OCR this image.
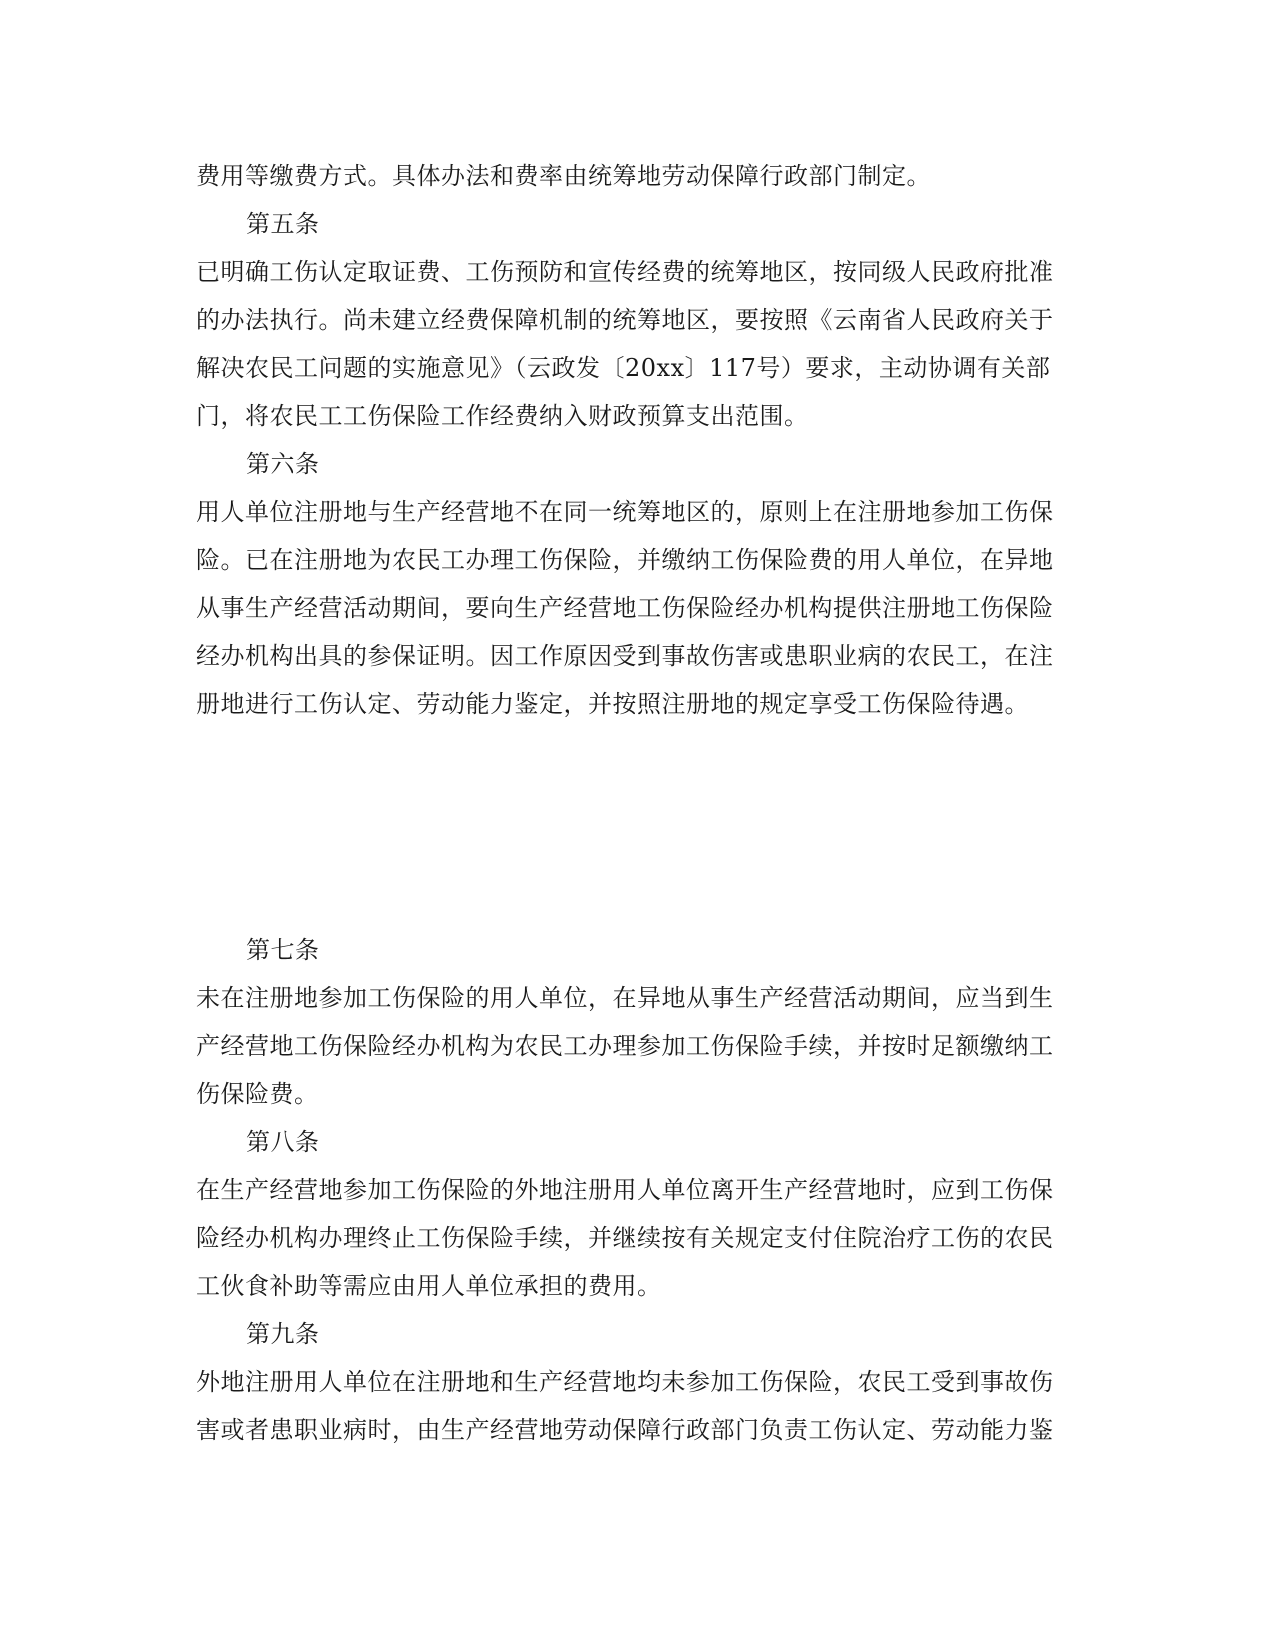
费用等缴费方式。具体办法和费率由统筹地劳动保障行政部门制定。
第五条
已明确工伤认定取证费、工伤预防和宣传经费的统筹地区，按同级人民政府批准
的办法执行。尚未建立经费保障机制的统筹地区，要按照《云南省人民政府关于
解决农民工问题的实施意见》（云政发〔20xx〕117号）要求，主动协调有关部
门，将农民工工伤保险工作经费纳入财政预算支出范围。
第六条
用人单位注册地与生产经营地不在同一统筹地区的，原则上在注册地参加工伤保
险。已在注册地为农民工办理工伤保险，并缴纳工伤保险费的用人单位，在异地
从事生产经营活动期间，要向生产经营地工伤保险经办机构提供注册地工伤保险
经办机构出具的参保证明。因工作原因受到事故伤害或患职业病的农民工，在注
册地进行工伤认定、劳动能力鉴定，并按照注册地的规定享受工伤保险待遇。
第七条
未在注册地参加工伤保险的用人单位，在异地从事生产经营活动期间，应当到生
产经营地工伤保险经办机构为农民工办理参加工伤保险手续，并按时足额缴纳工
伤保险费。
第八条
在生产经营地参加工伤保险的外地注册用人单位离开生产经营地时，应到工伤保
险经办机构办理终止工伤保险手续，并继续按有关规定支付住院治疗工伤的农民
工伙食补助等需应由用人单位承担的费用。
第九条
外地注册用人单位在注册地和生产经营地均未参加工伤保险，农民工受到事故伤
害或者患职业病时，由生产经营地劳动保障行政部门负责工伤认定、劳动能力鉴
